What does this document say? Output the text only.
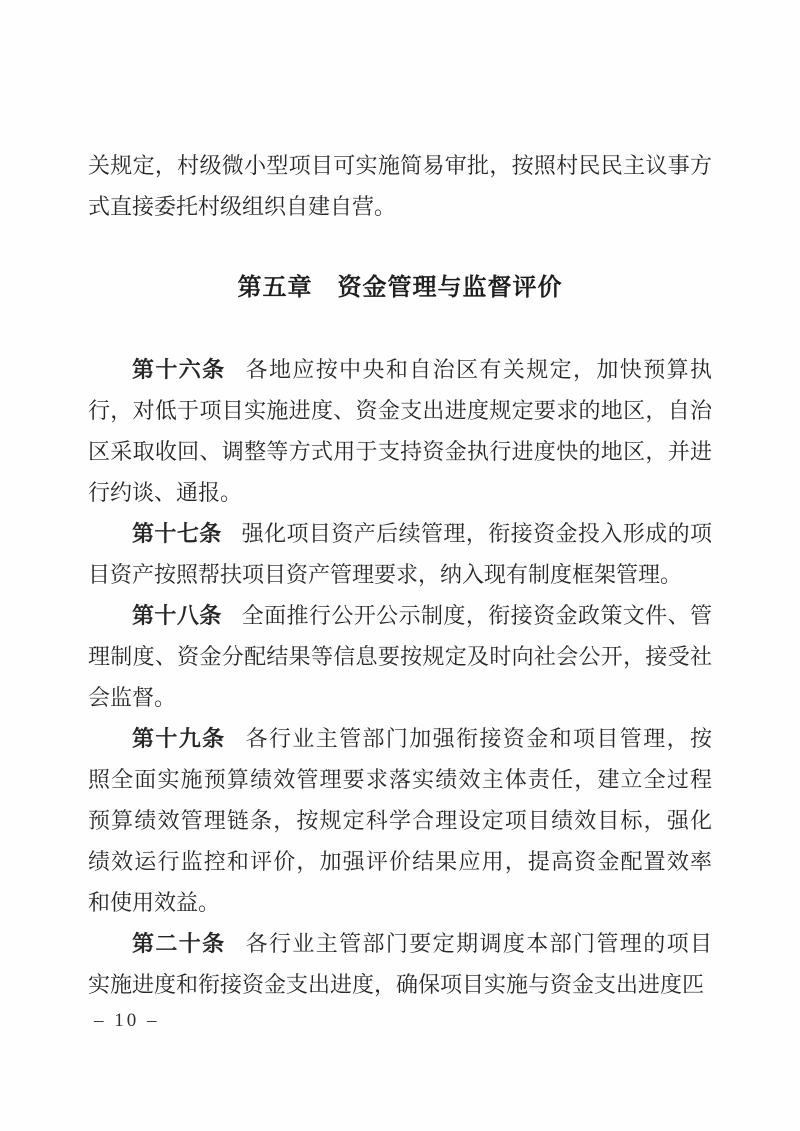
关规定，村级微小型项目可实施简易审批，按照村民民主议事方
式直接委托村级组织自建自营。
第五章　资金管理与监督评价
第十六条 各地应按中央和自治区有关规定，加快预算执
行，对低于项目实施进度、资金支出进度规定要求的地区，自治
区采取收回、调整等方式用于支持资金执行进度快的地区，并进
行约谈、通报。
第十七条 强化项目资产后续管理，衔接资金投入形成的项
目资产按照帮扶项目资产管理要求，纳入现有制度框架管理。
第十八条 全面推行公开公示制度，衔接资金政策文件、管
理制度、资金分配结果等信息要按规定及时向社会公开，接受社
会监督。
第十九条 各行业主管部门加强衔接资金和项目管理，按
照全面实施预算绩效管理要求落实绩效主体责任，建立全过程
预算绩效管理链条，按规定科学合理设定项目绩效目标，强化
绩效运行监控和评价，加强评价结果应用，提高资金配置效率
和使用效益。
第二十条 各行业主管部门要定期调度本部门管理的项目
实施进度和衔接资金支出进度，确保项目实施与资金支出进度匹
– 10 –
